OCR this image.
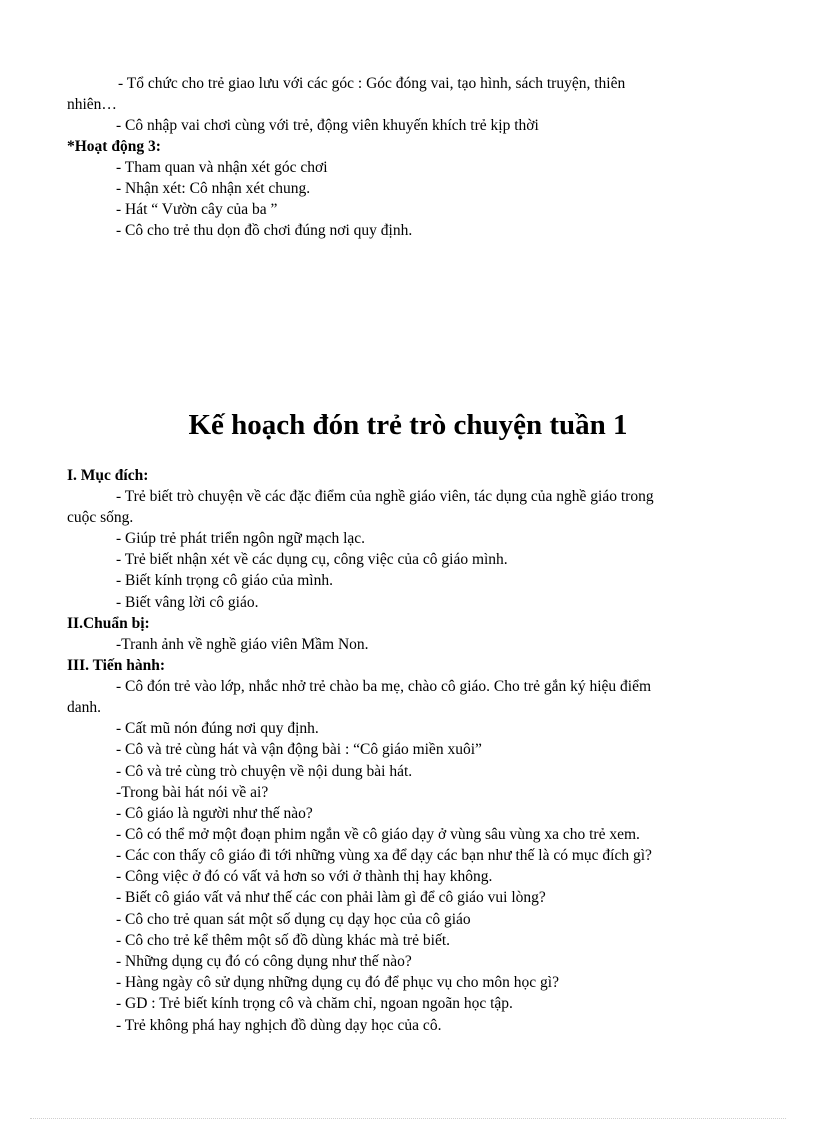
- Tổ chức cho trẻ giao lưu với các góc : Góc đóng vai, tạo hình, sách truyện, thiên
nhiên…
- Cô nhập vai chơi cùng với trẻ, động viên khuyến khích trẻ kịp thời
*Hoạt động 3:
- Tham quan và nhận xét góc chơi
- Nhận xét: Cô nhận xét chung.
- Hát “ Vườn cây của ba ”
- Cô cho trẻ thu dọn đồ chơi đúng nơi quy định.
Kế hoạch đón trẻ trò chuyện tuần 1
I. Mục đích:
- Trẻ biết trò chuyện về các đặc điểm của nghề giáo viên, tác dụng của nghề giáo trong
cuộc sống.
- Giúp trẻ phát triển ngôn ngữ mạch lạc.
- Trẻ biết nhận xét về các dụng cụ, công việc của cô giáo mình.
- Biết kính trọng cô giáo của mình.
- Biết vâng lời cô giáo.
II.Chuẩn bị:
-Tranh ảnh về nghề giáo viên Mầm Non.
III. Tiến hành:
- Cô đón trẻ vào lớp, nhắc nhở trẻ chào ba mẹ, chào cô giáo. Cho trẻ gắn ký hiệu điểm
danh.
- Cất mũ nón đúng nơi quy định.
- Cô và trẻ cùng hát và vận động bài : “Cô giáo miền xuôi”
- Cô và trẻ cùng trò chuyện về nội dung bài hát.
-Trong bài hát nói về ai?
- Cô giáo là người như thế nào?
- Cô có thể mở một đoạn phim ngắn về cô giáo dạy ở vùng sâu vùng xa cho trẻ xem.
- Các con thấy cô giáo đi tới những vùng xa để dạy các bạn như thế là có mục đích gì?
- Công việc ở đó có vất vả hơn so với ở thành thị hay không.
- Biết cô giáo vất vả như thế các con phải làm gì để cô giáo vui lòng?
- Cô cho trẻ quan sát một số dụng cụ dạy học của cô giáo
- Cô cho trẻ kể thêm một số đồ dùng khác mà trẻ biết.
- Những dụng cụ đó có công dụng như thế nào?
- Hàng ngày cô sử dụng những dụng cụ đó để phục vụ cho môn học gì?
- GD : Trẻ biết kính trọng cô và chăm chỉ, ngoan ngoãn học tập.
- Trẻ không phá hay nghịch đồ dùng dạy học của cô.
